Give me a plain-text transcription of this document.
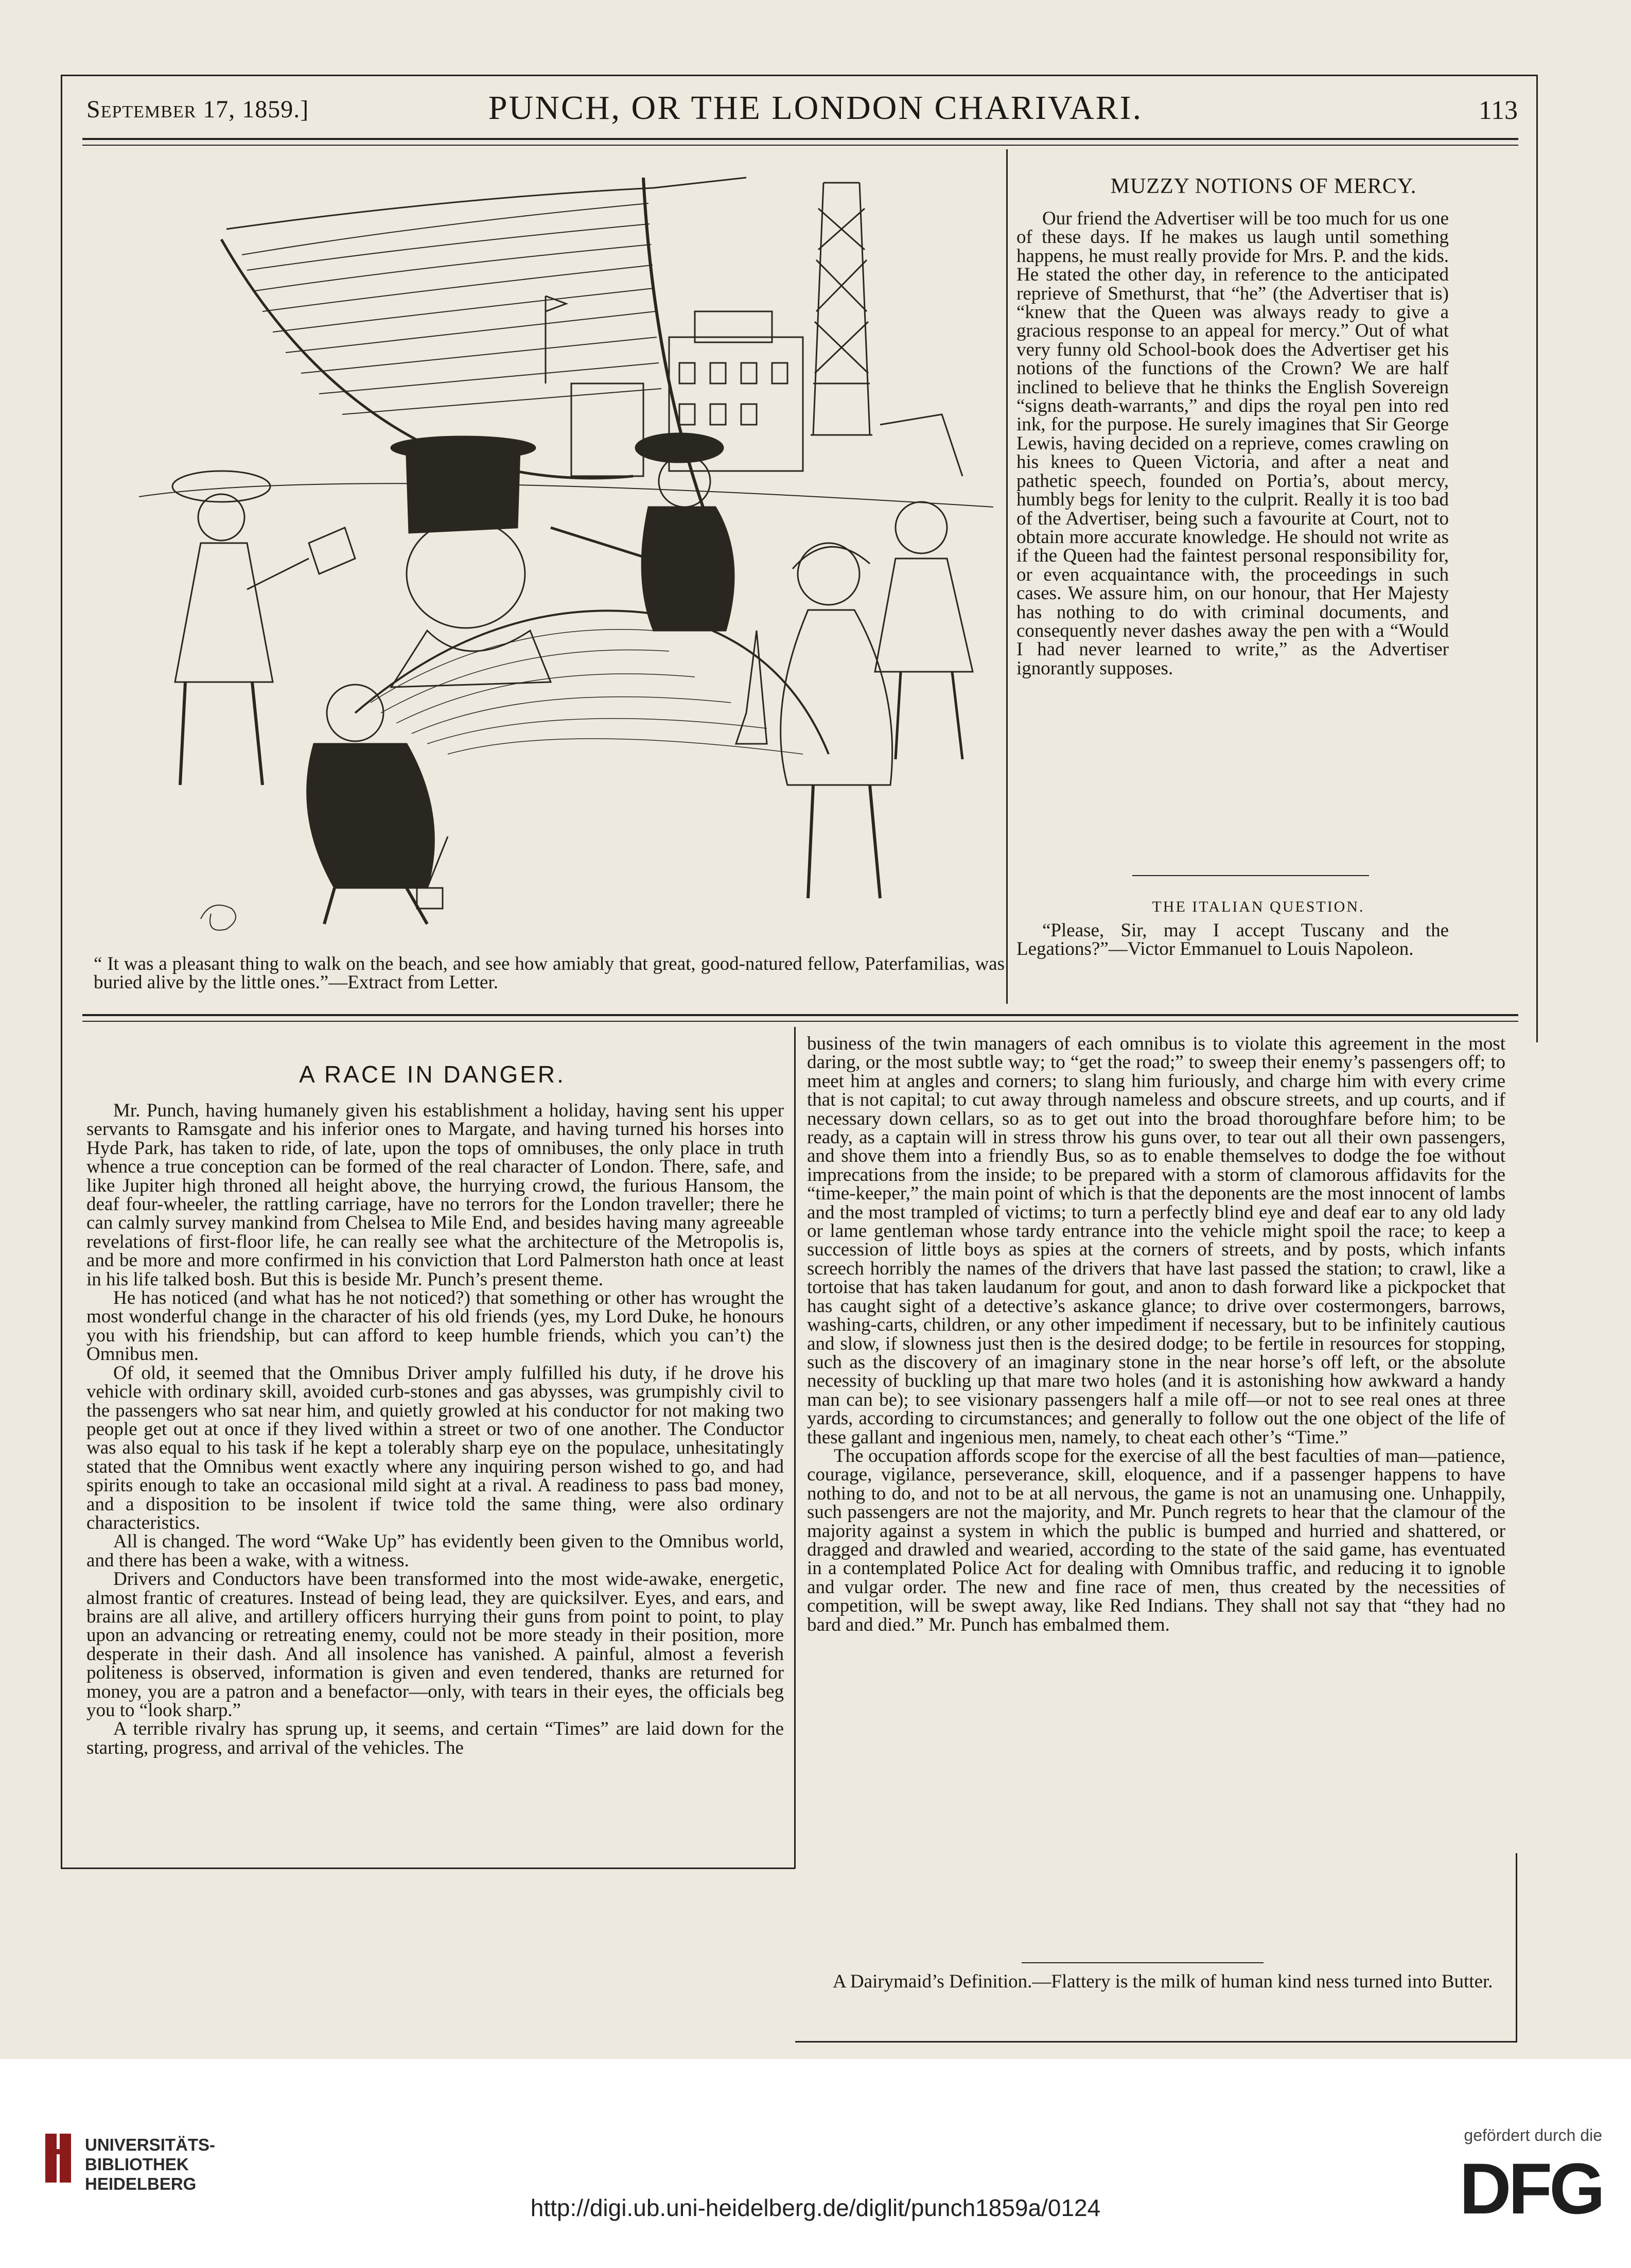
September 17, 1859.]	PUNCH, OR THE LONDON CHARIVARI.	113
“ It was a pleasant thing to walk on the beach, and see how amiably that great, good-natured fellow, Paterfamilias, was buried alive by the little ones.”—Extract from Letter.
MUZZY NOTIONS OF MERCY.
Our friend the Advertiser will be too much for us one of these days. If he makes us laugh until something happens, he must really provide for Mrs. P. and the kids. He stated the other day, in reference to the anticipated reprieve of Smethurst, that “he” (the Advertiser that is) “knew that the Queen was always ready to give a gracious response to an appeal for mercy.” Out of what very funny old School-book does the Advertiser get his notions of the functions of the Crown? We are half inclined to believe that he thinks the English Sovereign “signs death-warrants,” and dips the royal pen into red ink, for the purpose. He surely imagines that Sir George Lewis, having decided on a reprieve, comes crawling on his knees to Queen Victoria, and after a neat and pathetic speech, founded on Portia’s, about mercy, humbly begs for lenity to the culprit. Really it is too bad of the Advertiser, being such a favourite at Court, not to obtain more accurate knowledge. He should not write as if the Queen had the faintest personal responsibility for, or even acquaintance with, the proceedings in such cases. We assure him, on our honour, that Her Majesty has nothing to do with criminal documents, and consequently never dashes away the pen with a “Would I had never learned to write,” as the Advertiser ignorantly supposes.
THE ITALIAN QUESTION.
“Please, Sir, may I accept Tuscany and the Legations?”—Victor Emmanuel to Louis Napoleon.
A RACE IN DANGER.

Mr. Punch, having humanely given his establishment a holiday, having sent his upper servants to Ramsgate and his inferior ones to Margate, and having turned his horses into Hyde Park, has taken to ride, of late, upon the tops of omnibuses, the only place in truth whence a true conception can be formed of the real character of London. There, safe, and like Jupiter high throned all height above, the hurrying crowd, the furious Hansom, the deaf four-wheeler, the rattling carriage, have no terrors for the London traveller; there he can calmly survey mankind from Chelsea to Mile End, and besides having many agreeable revelations of first-floor life, he can really see what the architecture of the Metropolis is, and be more and more confirmed in his conviction that Lord Palmerston hath once at least in his life talked bosh. But this is beside Mr. Punch’s present theme.

He has noticed (and what has he not noticed?) that something or other has wrought the most wonderful change in the character of his old friends (yes, my Lord Duke, he honours you with his friendship, but can afford to keep humble friends, which you can’t) the Omnibus men.

Of old, it seemed that the Omnibus Driver amply fulfilled his duty, if he drove his vehicle with ordinary skill, avoided curb-stones and gas abysses, was grumpishly civil to the passengers who sat near him, and quietly growled at his conductor for not making two people get out at once if they lived within a street or two of one another. The Conductor was also equal to his task if he kept a tolerably sharp eye on the populace, unhesitatingly stated that the Omnibus went exactly where any inquiring person wished to go, and had spirits enough to take an occasional mild sight at a rival. A readiness to pass bad money, and a disposition to be insolent if twice told the same thing, were also ordinary characteristics.

All is changed. The word “Wake Up” has evidently been given to the Omnibus world, and there has been a wake, with a witness.

Drivers and Conductors have been transformed into the most wide-awake, energetic, almost frantic of creatures. Instead of being lead, they are quicksilver. Eyes, and ears, and brains are all alive, and artillery officers hurrying their guns from point to point, to play upon an advancing or retreating enemy, could not be more steady in their position, more desperate in their dash. And all insolence has vanished. A painful, almost a feverish politeness is observed, information is given and even tendered, thanks are returned for money, you are a patron and a benefactor—only, with tears in their eyes, the officials beg you to “look sharp.”

A terrible rivalry has sprung up, it seems, and certain “Times” are laid down for the starting, progress, and arrival of the vehicles. The

business of the twin managers of each omnibus is to violate this agreement in the most daring, or the most subtle way; to “get the road;” to sweep their enemy’s passengers off; to meet him at angles and corners; to slang him furiously, and charge him with every crime that is not capital; to cut away through nameless and obscure streets, and up courts, and if necessary down cellars, so as to get out into the broad thoroughfare before him; to be ready, as a captain will in stress throw his guns over, to tear out all their own passengers, and shove them into a friendly Bus, so as to enable themselves to dodge the foe without imprecations from the inside; to be prepared with a storm of clamorous affidavits for the “time-keeper,” the main point of which is that the deponents are the most innocent of lambs and the most trampled of victims; to turn a perfectly blind eye and deaf ear to any old lady or lame gentleman whose tardy entrance into the vehicle might spoil the race; to keep a succession of little boys as spies at the corners of streets, and by posts, which infants screech horribly the names of the drivers that have last passed the station; to crawl, like a tortoise that has taken laudanum for gout, and anon to dash forward like a pickpocket that has caught sight of a detective’s askance glance; to drive over costermongers, barrows, washing-carts, children, or any other impediment if necessary, but to be infinitely cautious and slow, if slowness just then is the desired dodge; to be fertile in resources for stopping, such as the discovery of an imaginary stone in the near horse’s off left, or the absolute necessity of buckling up that mare two holes (and it is astonishing how awkward a handy man can be); to see visionary passengers half a mile off—or not to see real ones at three yards, according to circumstances; and generally to follow out the one object of the life of these gallant and ingenious men, namely, to cheat each other’s “Time.”

The occupation affords scope for the exercise of all the best faculties of man—patience, courage, vigilance, perseverance, skill, eloquence, and if a passenger happens to have nothing to do, and not to be at all nervous, the game is not an unamusing one. Unhappily, such passengers are not the majority, and Mr. Punch regrets to hear that the clamour of the majority against a system in which the public is bumped and hurried and shattered, or dragged and drawled and wearied, according to the state of the said game, has eventuated in a contemplated Police Act for dealing with Omnibus traffic, and reducing it to ignoble and vulgar order. The new and fine race of men, thus created by the necessities of competition, will be swept away, like Red Indians. They shall not say that “they had no bard and died.” Mr. Punch has embalmed them.

A Dairymaid’s Definition.—Flattery is the milk of human kind ness turned into Butter.
UNIVERSITÄTS-
BIBLIOTHEK
HEIDELBERG
http://digi.ub.uni-heidelberg.de/diglit/punch1859a/0124
gefördert durch die
DFG
